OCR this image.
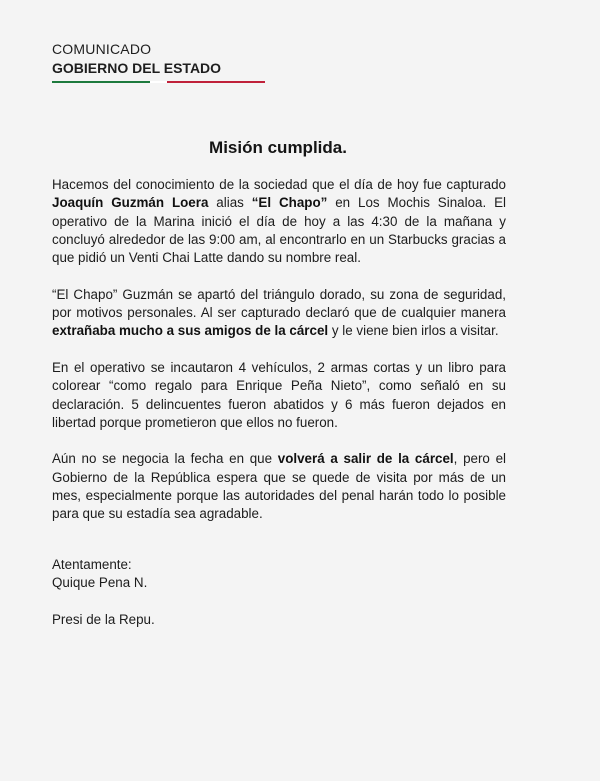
COMUNICADO
GOBIERNO DEL ESTADO
Misión cumplida.

Hacemos del conocimiento de la sociedad que el día de hoy fue capturado Joaquín Guzmán Loera alias “El Chapo” en Los Mochis Sinaloa. El operativo de la Marina inició el día de hoy a las 4:30 de la mañana y concluyó alrededor de las 9:00 am, al encontrarlo en un Starbucks gracias a que pidió un Venti Chai Latte dando su nombre real.

“El Chapo” Guzmán se apartó del triángulo dorado, su zona de seguridad, por motivos personales. Al ser capturado declaró que de cualquier manera extrañaba mucho a sus amigos de la cárcel y le viene bien irlos a visitar.

En el operativo se incautaron 4 vehículos, 2 armas cortas y un libro para colorear “como regalo para Enrique Peña Nieto”, como señaló en su declaración. 5 delincuentes fueron abatidos y 6 más fueron dejados en libertad porque prometieron que ellos no fueron.

Aún no se negocia la fecha en que volverá a salir de la cárcel, pero el Gobierno de la República espera que se quede de visita por más de un mes, especialmente porque las autoridades del penal harán todo lo posible para que su estadía sea agradable.

Atentamente:
Quique Pena N.
Presi de la Repu.
